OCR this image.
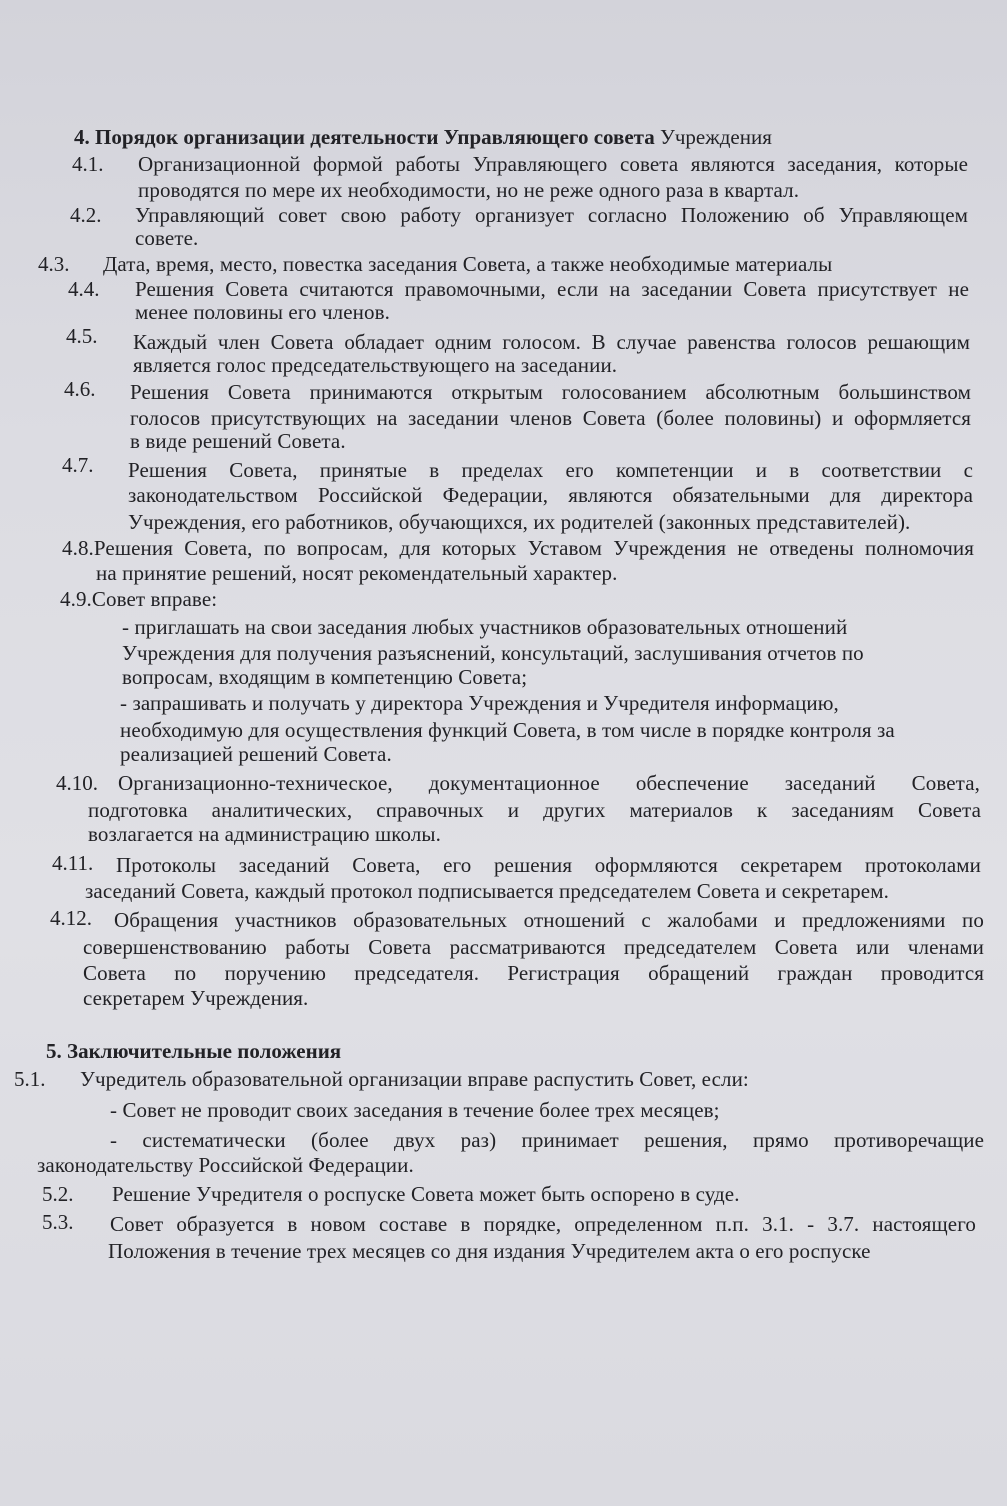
4. Порядок организации деятельности Управляющего совета Учреждения
4.1. Организационной формой работы Управляющего совета являются заседания, которые
проводятся по мере их необходимости, но не реже одного раза в квартал.
4.2. Управляющий совет свою работу организует согласно Положению об Управляющем
совете.
4.3. Дата, время, место, повестка заседания Совета, а также необходимые материалы
4.4. Решения Совета считаются правомочными, если на заседании Совета присутствует не
менее половины его членов.
4.5. Каждый член Совета обладает одним голосом. В случае равенства голосов решающим
является голос председательствующего на заседании.
4.6. Решения Совета принимаются открытым голосованием абсолютным большинством
голосов присутствующих на заседании членов Совета (более половины) и оформляется
в виде решений Совета.
4.7. Решения Совета, принятые в пределах его компетенции и в соответствии с
законодательством Российской Федерации, являются обязательными для директора
Учреждения, его работников, обучающихся, их родителей (законных представителей).
4.8.Решения Совета, по вопросам, для которых Уставом Учреждения не отведены полномочия
на принятие решений, носят рекомендательный характер.
4.9.Совет вправе:
- приглашать на свои заседания любых участников образовательных отношений
Учреждения для получения разъяснений, консультаций, заслушивания отчетов по
вопросам, входящим в компетенцию Совета;
- запрашивать и получать у директора Учреждения и Учредителя информацию,
необходимую для осуществления функций Совета, в том числе в порядке контроля за
реализацией решений Совета.
4.10. Организационно-техническое, документационное обеспечение заседаний Совета,
подготовка аналитических, справочных и других материалов к заседаниям Совета
возлагается на администрацию школы.
4.11. Протоколы заседаний Совета, его решения оформляются секретарем протоколами
заседаний Совета, каждый протокол подписывается председателем Совета и секретарем.
4.12. Обращения участников образовательных отношений с жалобами и предложениями по
совершенствованию работы Совета рассматриваются председателем Совета или членами
Совета по поручению председателя. Регистрация обращений граждан проводится
секретарем Учреждения.
5. Заключительные положения
5.1. Учредитель образовательной организации вправе распустить Совет, если:
- Совет не проводит своих заседания в течение более трех месяцев;
- систематически (более двух раз) принимает решения, прямо противоречащие
законодательству Российской Федерации.
5.2. Решение Учредителя о роспуске Совета может быть оспорено в суде.
5.3. Совет образуется в новом составе в порядке, определенном п.п. 3.1. - 3.7. настоящего
Положения в течение трех месяцев со дня издания Учредителем акта о его роспуске
